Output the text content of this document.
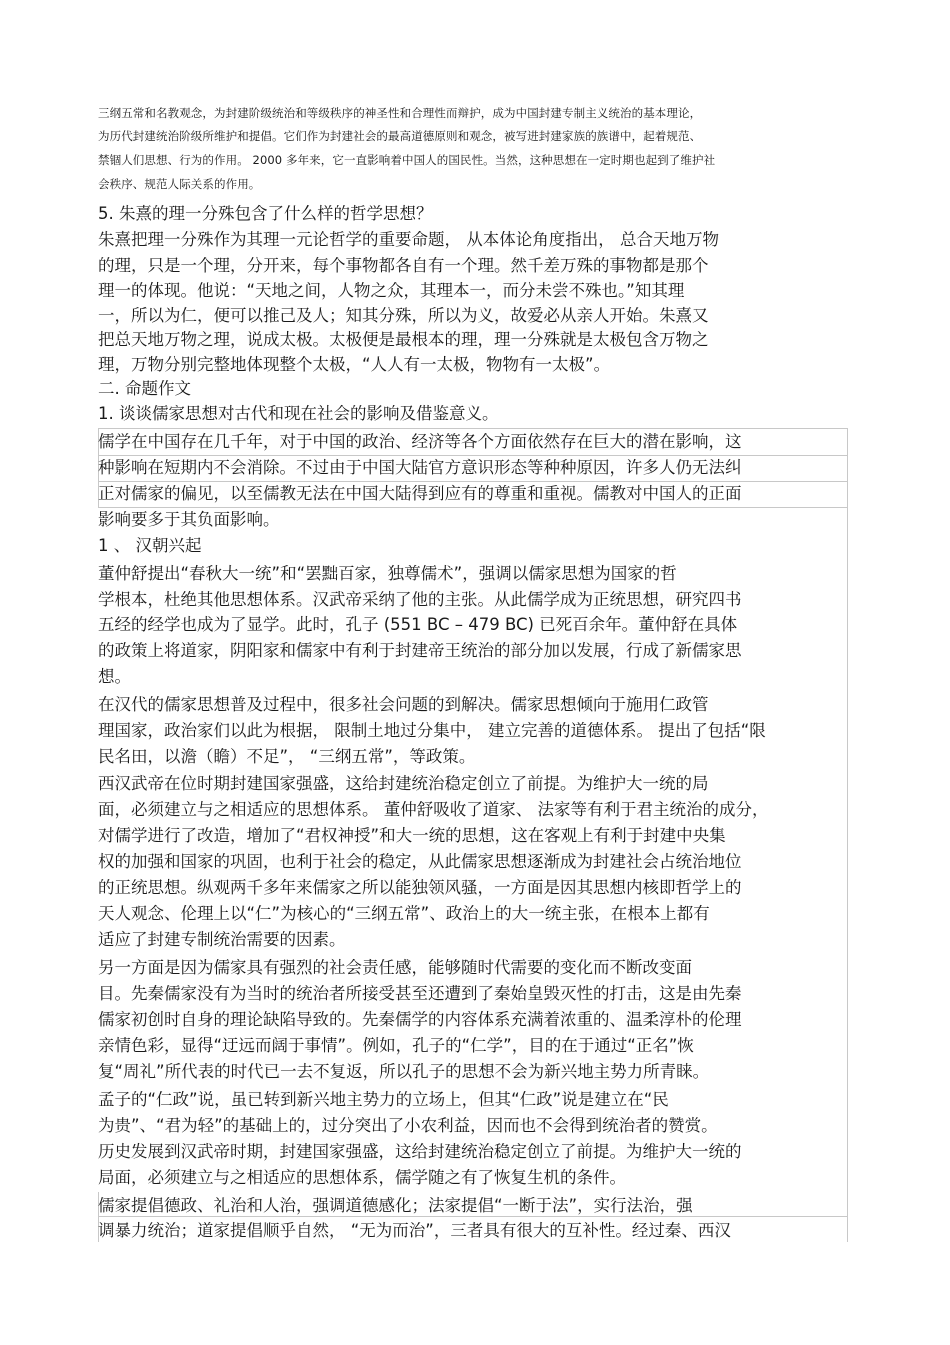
三纲五常和名教观念，为封建阶级统治和等级秩序的神圣性和合理性而辩护，成为中国封建专制主义统治的基本理论，
为历代封建统治阶级所维护和提倡。它们作为封建社会的最高道德原则和观念，被写进封建家族的族谱中，起着规范、
禁锢人们思想、行为的作用。 2000 多年来，它一直影响着中国人的国民性。当然，这种思想在一定时期也起到了维护社
会秩序、规范人际关系的作用。
5. 朱熹的理一分殊包含了什么样的哲学思想？
朱熹把理一分殊作为其理一元论哲学的重要命题， 从本体论角度指出， 总合天地万物
的理，只是一个理，分开来，每个事物都各自有一个理。然千差万殊的事物都是那个
理一的体现。他说：“天地之间，人物之众，其理本一，而分未尝不殊也。”知其理
一，所以为仁，便可以推己及人；知其分殊，所以为义，故爱必从亲人开始。朱熹又
把总天地万物之理，说成太极。太极便是最根本的理，理一分殊就是太极包含万物之
理，万物分别完整地体现整个太极，“人人有一太极，物物有一太极”。
二. 命题作文
1. 谈谈儒家思想对古代和现在社会的影响及借鉴意义。
儒学在中国存在几千年，对于中国的政治、经济等各个方面依然存在巨大的潜在影响，这
种影响在短期内不会消除。不过由于中国大陆官方意识形态等种种原因，许多人仍无法纠
正对儒家的偏见，以至儒教无法在中国大陆得到应有的尊重和重视。儒教对中国人的正面
影响要多于其负面影响。
1 、 汉朝兴起
董仲舒提出“春秋大一统”和“罢黜百家，独尊儒术”，强调以儒家思想为国家的哲
学根本，杜绝其他思想体系。汉武帝采纳了他的主张。从此儒学成为正统思想，研究四书
五经的经学也成为了显学。此时，孔子 (551 BC – 479 BC) 已死百余年。董仲舒在具体
的政策上将道家，阴阳家和儒家中有利于封建帝王统治的部分加以发展，行成了新儒家思
想。
在汉代的儒家思想普及过程中，很多社会问题的到解决。儒家思想倾向于施用仁政管
理国家，政治家们以此为根据， 限制土地过分集中， 建立完善的道德体系。 提出了包括“限
民名田，以澹（瞻）不足”， “三纲五常”，等政策。
西汉武帝在位时期封建国家强盛，这给封建统治稳定创立了前提。为维护大一统的局
面，必须建立与之相适应的思想体系。 董仲舒吸收了道家、 法家等有利于君主统治的成分，
对儒学进行了改造，增加了“君权神授”和大一统的思想，这在客观上有利于封建中央集
权的加强和国家的巩固，也利于社会的稳定，从此儒家思想逐渐成为封建社会占统治地位
的正统思想。纵观两千多年来儒家之所以能独领风骚，一方面是因其思想内核即哲学上的
天人观念、伦理上以“仁”为核心的“三纲五常”、政治上的大一统主张，在根本上都有
适应了封建专制统治需要的因素。
另一方面是因为儒家具有强烈的社会责任感，能够随时代需要的变化而不断改变面
目。先秦儒家没有为当时的统治者所接受甚至还遭到了秦始皇毁灭性的打击，这是由先秦
儒家初创时自身的理论缺陷导致的。先秦儒学的内容体系充满着浓重的、温柔淳朴的伦理
亲情色彩，显得“迂远而阔于事情”。例如，孔子的“仁学”，目的在于通过“正名”恢
复“周礼”所代表的时代已一去不复返，所以孔子的思想不会为新兴地主势力所青睐。
孟子的“仁政”说，虽已转到新兴地主势力的立场上，但其“仁政”说是建立在“民
为贵”、“君为轻”的基础上的，过分突出了小农利益，因而也不会得到统治者的赞赏。
历史发展到汉武帝时期，封建国家强盛，这给封建统治稳定创立了前提。为维护大一统的
局面，必须建立与之相适应的思想体系，儒学随之有了恢复生机的条件。
儒家提倡德政、礼治和人治，强调道德感化；法家提倡“一断于法”，实行法治，强
调暴力统治；道家提倡顺乎自然， “无为而治”，三者具有很大的互补性。经过秦、西汉
